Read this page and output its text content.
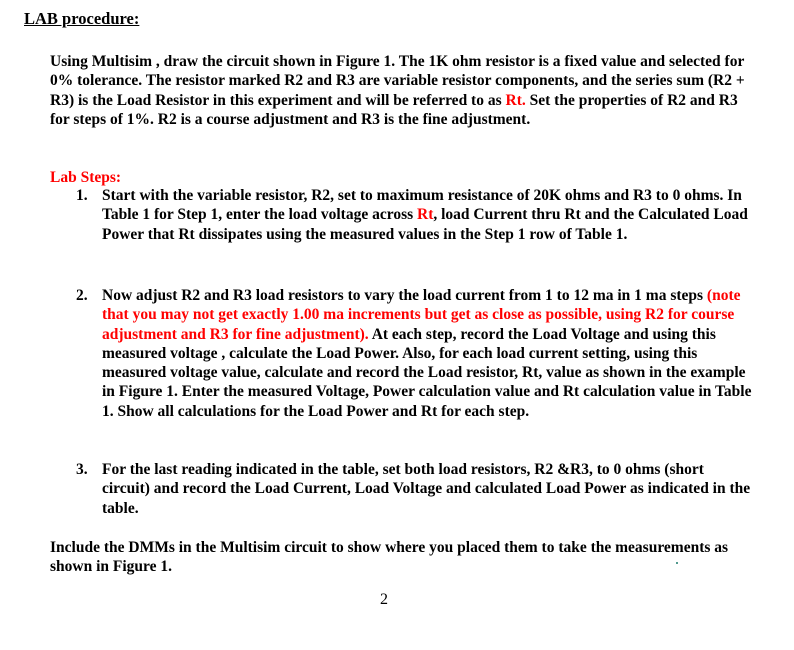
LAB procedure:

Using Multisim , draw the circuit shown in Figure 1. The 1K ohm resistor is a fixed value and selected for 0% tolerance. The resistor marked R2 and R3 are variable resistor components, and the series sum (R2 + R3) is the Load Resistor in this experiment and will be referred to as Rt. Set the properties of R2 and R3 for steps of 1%. R2 is a course adjustment and R3 is the fine adjustment.

Lab Steps:
1. Start with the variable resistor, R2, set to maximum resistance of 20K ohms and R3 to 0 ohms. In Table 1 for Step 1, enter the load voltage across Rt, load Current thru Rt and the Calculated Load Power that Rt dissipates using the measured values in the Step 1 row of Table 1.
2. Now adjust R2 and R3 load resistors to vary the load current from 1 to 12 ma in 1 ma steps (note that you may not get exactly 1.00 ma increments but get as close as possible, using R2 for course adjustment and R3 for fine adjustment). At each step, record the Load Voltage and using this measured voltage , calculate the Load Power. Also, for each load current setting, using this measured voltage value, calculate and record the Load resistor, Rt, value as shown in the example in Figure 1. Enter the measured Voltage, Power calculation value and Rt calculation value in Table 1. Show all calculations for the Load Power and Rt for each step.
3. For the last reading indicated in the table, set both load resistors, R2 &R3, to 0 ohms (short circuit) and record the Load Current, Load Voltage and calculated Load Power as indicated in the table.

Include the DMMs in the Multisim circuit to show where you placed them to take the measurements as shown in Figure 1.

2
